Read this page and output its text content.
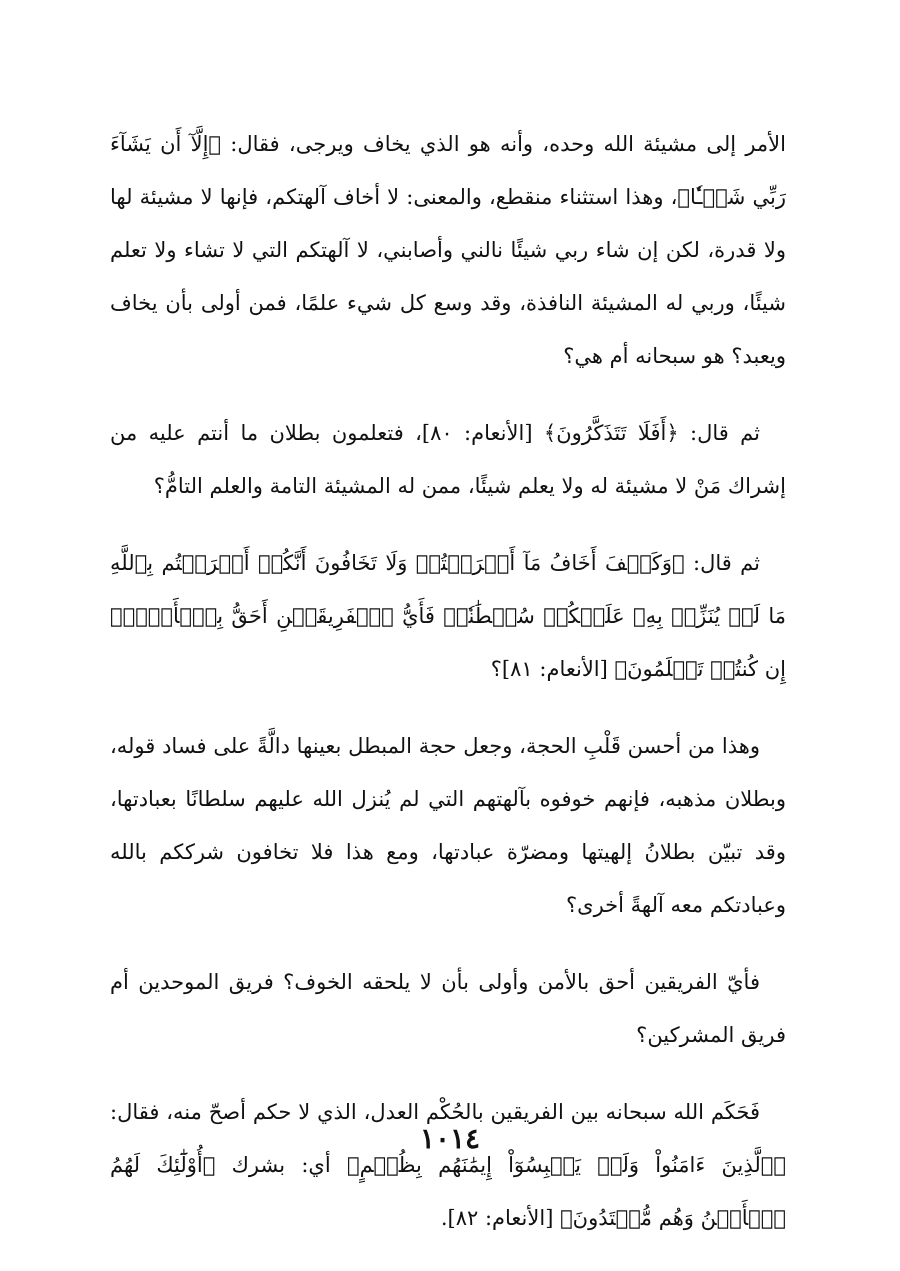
الأمر إلى مشيئة الله وحده، وأنه هو الذي يخاف ويرجى، فقال: ﴿إِلَّآ أَن يَشَآءَ رَبِّي شَيۡـٔٗا﴾، وهذا استثناء منقطع، والمعنى: لا أخاف آلهتكم، فإنها لا مشيئة لها ولا قدرة، لكن إن شاء ربي شيئًا نالني وأصابني، لا آلهتكم التي لا تشاء ولا تعلم شيئًا، وربي له المشيئة النافذة، وقد وسع كل شيء علمًا، فمن أولى بأن يخاف ويعبد؟ هو سبحانه أم هي؟

ثم قال: ﴿أَفَلَا تَتَذَكَّرُونَ﴾ [الأنعام: ٨٠]، فتعلمون بطلان ما أنتم عليه من إشراك مَنْ لا مشيئة له ولا يعلم شيئًا، ممن له المشيئة التامة والعلم التامُّ؟

ثم قال: ﴿وَكَيۡفَ أَخَافُ مَآ أَشۡرَكۡتُمۡ وَلَا تَخَافُونَ أَنَّكُمۡ أَشۡرَكۡتُم بِٱللَّهِ مَا لَمۡ يُنَزِّلۡ بِهِۦ عَلَيۡكُمۡ سُلۡطَٰنٗاۚ فَأَيُّ ٱلۡفَرِيقَيۡنِ أَحَقُّ بِٱلۡأَمۡنِۖ إِن كُنتُمۡ تَعۡلَمُونَ﴾ [الأنعام: ٨١]؟

وهذا من أحسن قَلْبِ الحجة، وجعل حجة المبطل بعينها دالَّةً على فساد قوله، وبطلان مذهبه، فإنهم خوفوه بآلهتهم التي لم يُنزل الله عليهم سلطانًا بعبادتها، وقد تبيّن بطلانُ إلهيتها ومضرّة عبادتها، ومع هذا فلا تخافون شرككم بالله وعبادتكم معه آلهةً أخرى؟

فأيّ الفريقين أحق بالأمن وأولى بأن لا يلحقه الخوف؟ فريق الموحدين أم فريق المشركين؟

فَحَكَم الله سبحانه بين الفريقين بالحُكْم العدل، الذي لا حكم أصحّ منه، فقال: ﴿ٱلَّذِينَ ءَامَنُواْ وَلَمۡ يَلۡبِسُوٓاْ إِيمَٰنَهُم بِظُلۡمٍ﴾ أي: بشرك ﴿أُوْلَٰٓئِكَ لَهُمُ ٱلۡأَمۡنُ وَهُم مُّهۡتَدُونَ﴾ [الأنعام: ٨٢].

١٠١٤
